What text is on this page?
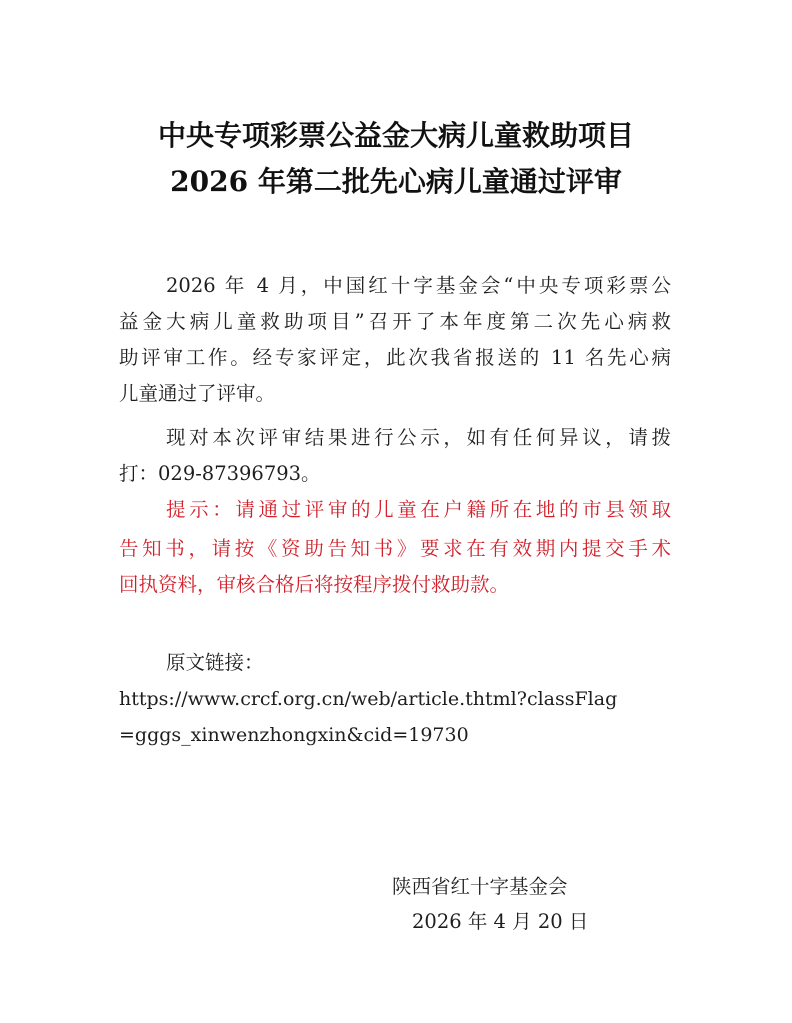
中央专项彩票公益金大病儿童救助项目
2026 年第二批先心病儿童通过评审
2026 年 4 月，中国红十字基金会“中央专项彩票公
益金大病儿童救助项目”召开了本年度第二次先心病救
助评审工作。经专家评定，此次我省报送的 11 名先心病
儿童通过了评审。
现对本次评审结果进行公示，如有任何异议，请拨
打：029-87396793。
提示：请通过评审的儿童在户籍所在地的市县领取
告知书，请按《资助告知书》要求在有效期内提交手术
回执资料，审核合格后将按程序拨付救助款。
原文链接：
https://www.crcf.org.cn/web/article.thtml?classFlag
=gggs_xinwenzhongxin&cid=19730
陕西省红十字基金会
2026 年 4 月 20 日
